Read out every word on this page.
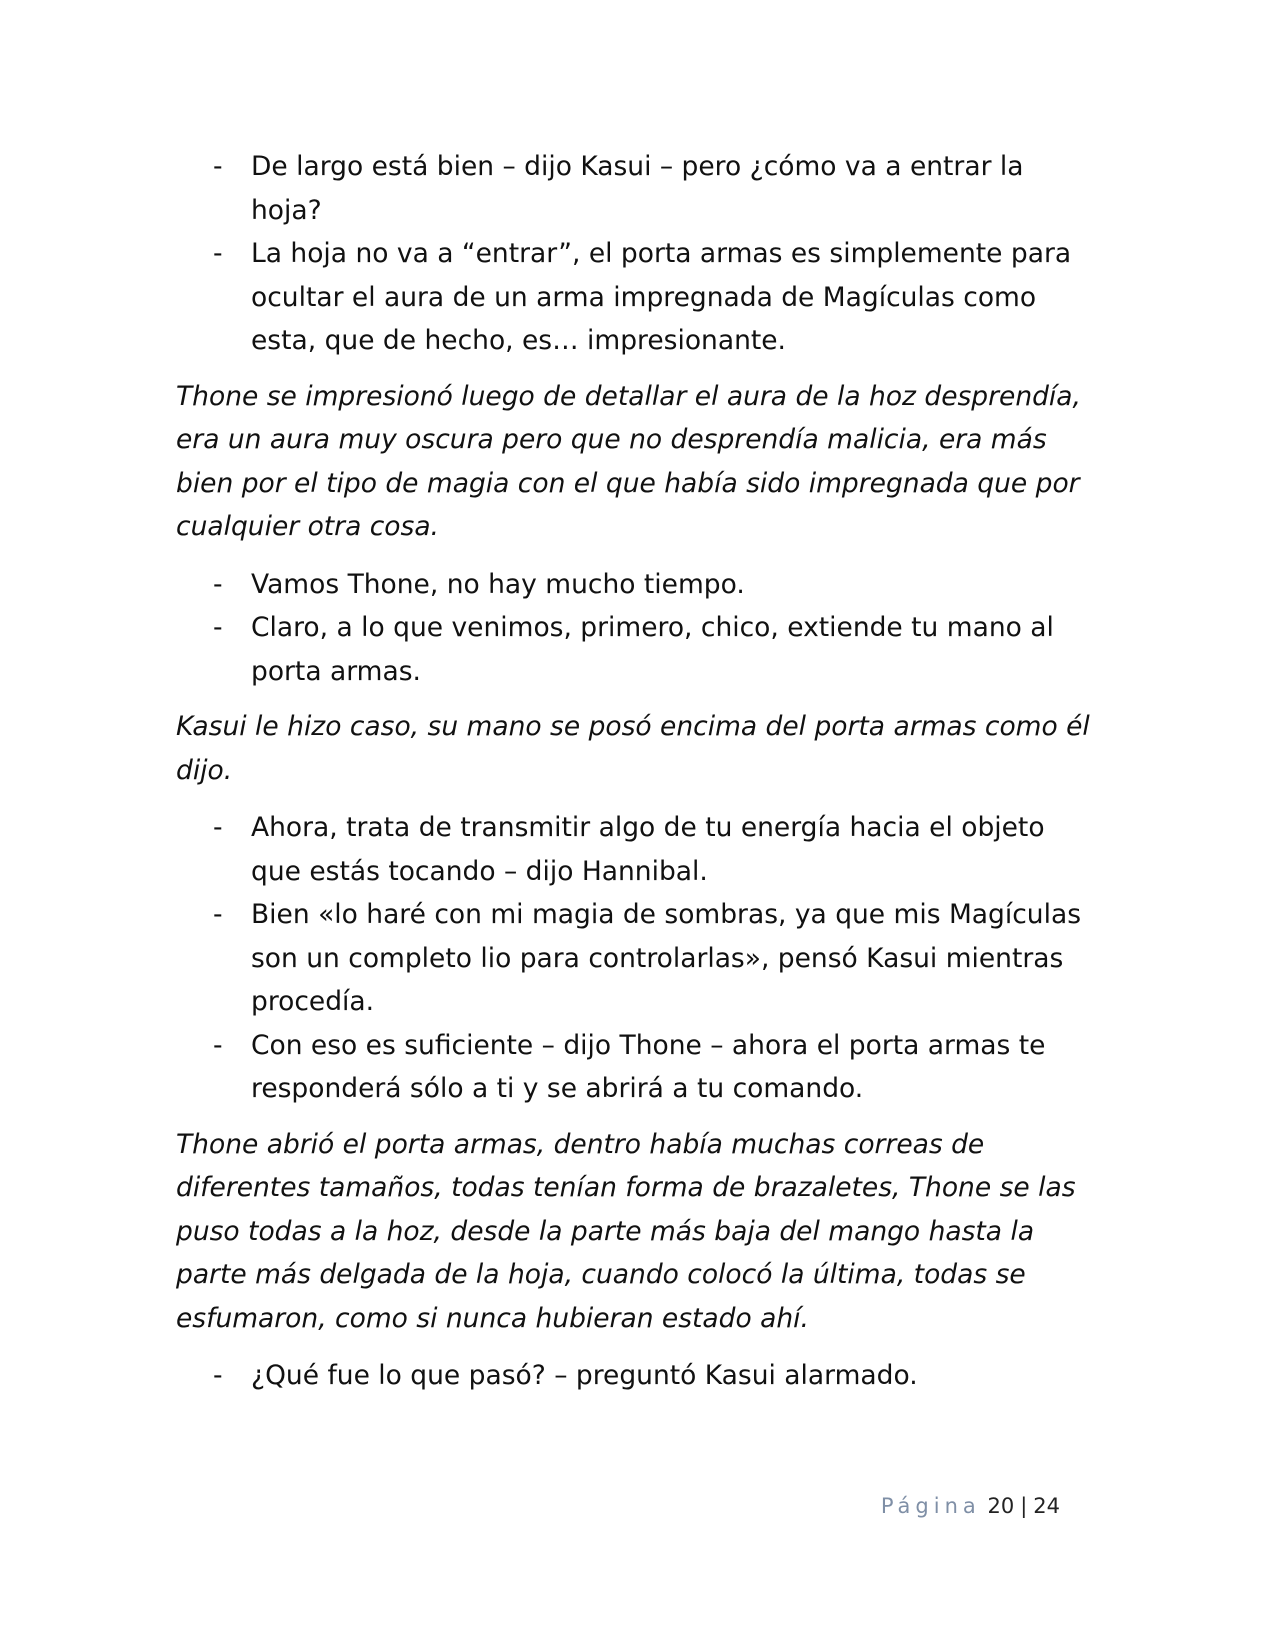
- De largo está bien – dijo Kasui – pero ¿cómo va a entrar la hoja?
- La hoja no va a “entrar”, el porta armas es simplemente para ocultar el aura de un arma impregnada de Magículas como esta, que de hecho, es… impresionante.

Thone se impresionó luego de detallar el aura de la hoz desprendía, era un aura muy oscura pero que no desprendía malicia, era más bien por el tipo de magia con el que había sido impregnada que por cualquier otra cosa.

- Vamos Thone, no hay mucho tiempo.
- Claro, a lo que venimos, primero, chico, extiende tu mano al porta armas.

Kasui le hizo caso, su mano se posó encima del porta armas como él dijo.

- Ahora, trata de transmitir algo de tu energía hacia el objeto que estás tocando – dijo Hannibal.
- Bien «lo haré con mi magia de sombras, ya que mis Magículas son un completo lio para controlarlas», pensó Kasui mientras procedía.
- Con eso es suficiente – dijo Thone – ahora el porta armas te responderá sólo a ti y se abrirá a tu comando.

Thone abrió el porta armas, dentro había muchas correas de diferentes tamaños, todas tenían forma de brazaletes, Thone se las puso todas a la hoz, desde la parte más baja del mango hasta la parte más delgada de la hoja, cuando colocó la última, todas se esfumaron, como si nunca hubieran estado ahí.

- ¿Qué fue lo que pasó? – preguntó Kasui alarmado.
Página 20 | 24
